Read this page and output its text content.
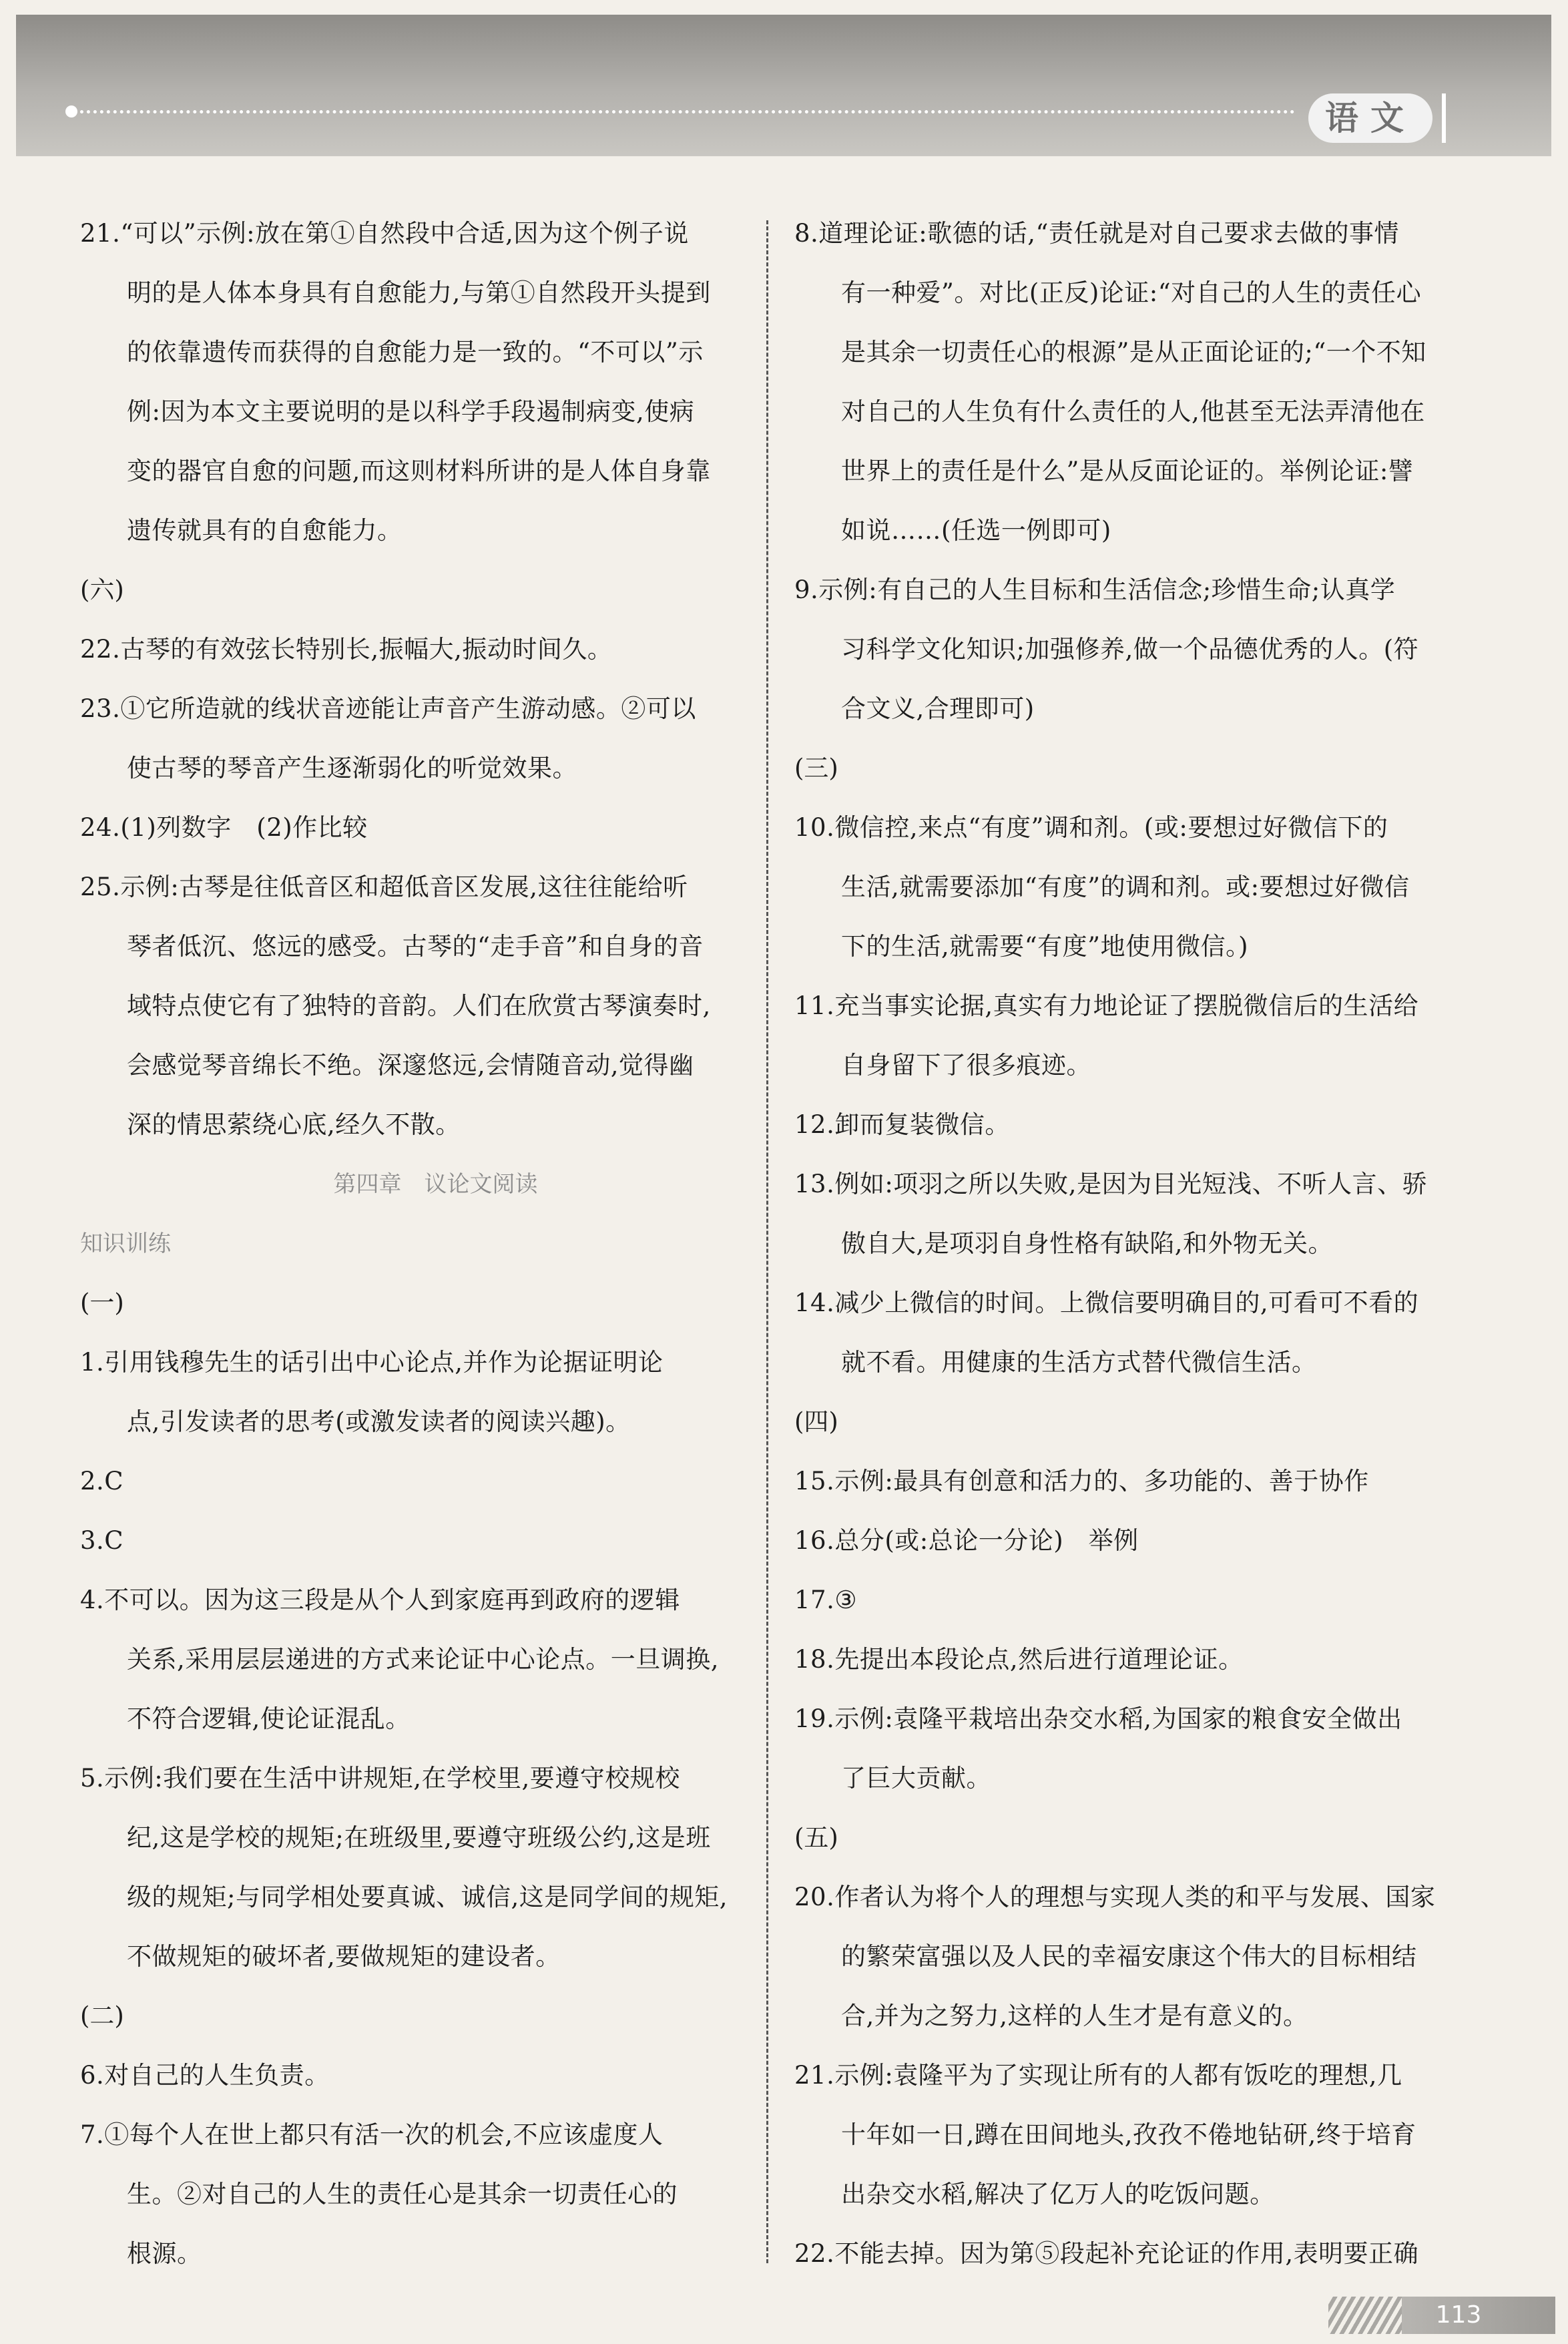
语文
21.“可以”示例:放在第①自然段中合适,因为这个例子说
明的是人体本身具有自愈能力,与第①自然段开头提到
的依靠遗传而获得的自愈能力是一致的。“不可以”示
例:因为本文主要说明的是以科学手段遏制病变,使病
变的器官自愈的问题,而这则材料所讲的是人体自身靠
遗传就具有的自愈能力。
(六)
22.古琴的有效弦长特别长,振幅大,振动时间久。
23.①它所造就的线状音迹能让声音产生游动感。②可以
使古琴的琴音产生逐渐弱化的听觉效果。
24.(1)列数字　(2)作比较
25.示例:古琴是往低音区和超低音区发展,这往往能给听
琴者低沉、悠远的感受。古琴的“走手音”和自身的音
域特点使它有了独特的音韵。人们在欣赏古琴演奏时,
会感觉琴音绵长不绝。深邃悠远,会情随音动,觉得幽
深的情思萦绕心底,经久不散。
第四章　议论文阅读
知识训练
(一)
1.引用钱穆先生的话引出中心论点,并作为论据证明论
点,引发读者的思考(或激发读者的阅读兴趣)。
2.C
3.C
4.不可以。因为这三段是从个人到家庭再到政府的逻辑
关系,采用层层递进的方式来论证中心论点。一旦调换,
不符合逻辑,使论证混乱。
5.示例:我们要在生活中讲规矩,在学校里,要遵守校规校
纪,这是学校的规矩;在班级里,要遵守班级公约,这是班
级的规矩;与同学相处要真诚、诚信,这是同学间的规矩,
不做规矩的破坏者,要做规矩的建设者。
(二)
6.对自己的人生负责。
7.①每个人在世上都只有活一次的机会,不应该虚度人
生。②对自己的人生的责任心是其余一切责任心的
根源。
8.道理论证:歌德的话,“责任就是对自己要求去做的事情
有一种爱”。对比(正反)论证:“对自己的人生的责任心
是其余一切责任心的根源”是从正面论证的;“一个不知
对自己的人生负有什么责任的人,他甚至无法弄清他在
世界上的责任是什么”是从反面论证的。举例论证:譬
如说……(任选一例即可)
9.示例:有自己的人生目标和生活信念;珍惜生命;认真学
习科学文化知识;加强修养,做一个品德优秀的人。(符
合文义,合理即可)
(三)
10.微信控,来点“有度”调和剂。(或:要想过好微信下的
生活,就需要添加“有度”的调和剂。或:要想过好微信
下的生活,就需要“有度”地使用微信。)
11.充当事实论据,真实有力地论证了摆脱微信后的生活给
自身留下了很多痕迹。
12.卸而复装微信。
13.例如:项羽之所以失败,是因为目光短浅、不听人言、骄
傲自大,是项羽自身性格有缺陷,和外物无关。
14.减少上微信的时间。上微信要明确目的,可看可不看的
就不看。用健康的生活方式替代微信生活。
(四)
15.示例:最具有创意和活力的、多功能的、善于协作
16.总分(或:总论一分论)　举例
17.③
18.先提出本段论点,然后进行道理论证。
19.示例:袁隆平栽培出杂交水稻,为国家的粮食安全做出
了巨大贡献。
(五)
20.作者认为将个人的理想与实现人类的和平与发展、国家
的繁荣富强以及人民的幸福安康这个伟大的目标相结
合,并为之努力,这样的人生才是有意义的。
21.示例:袁隆平为了实现让所有的人都有饭吃的理想,几
十年如一日,蹲在田间地头,孜孜不倦地钻研,终于培育
出杂交水稻,解决了亿万人的吃饭问题。
22.不能去掉。因为第⑤段起补充论证的作用,表明要正确
113
